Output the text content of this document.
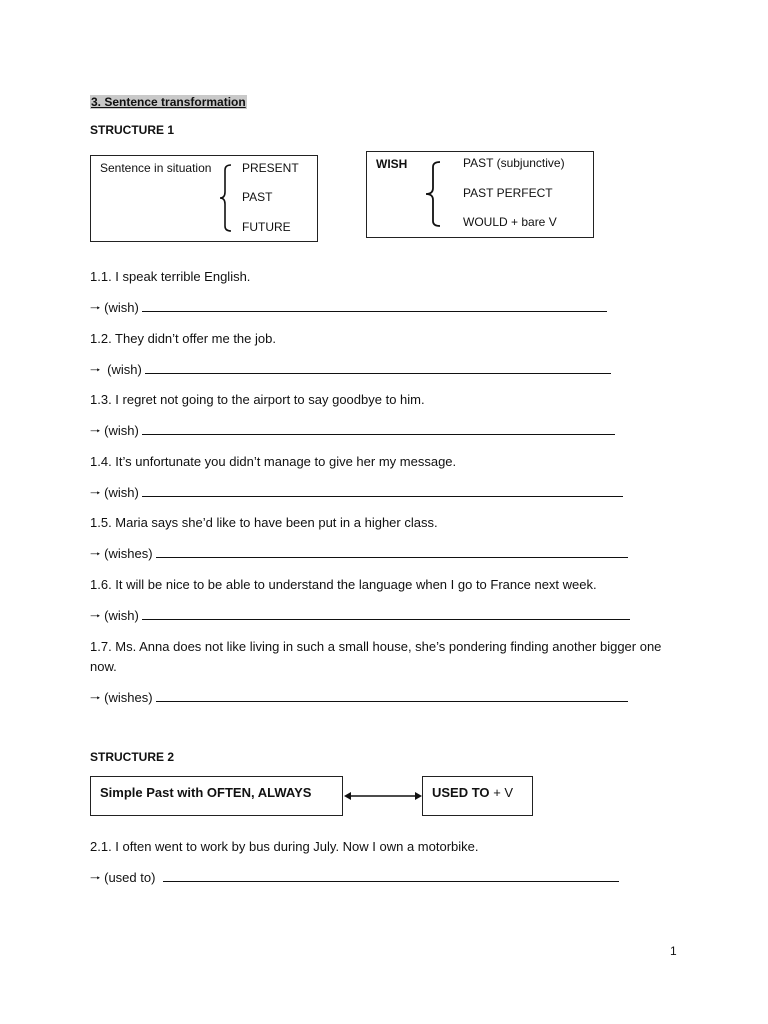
3. Sentence transformation
STRUCTURE 1
Sentence in situation	PRESENT
PAST
FUTURE
WISH	PAST (subjunctive)
PAST PERFECT
WOULD + bare V
1.1. I speak terrible English.
🠒 (wish)
1.2. They didn’t offer me the job.
🠒 (wish)
1.3. I regret not going to the airport to say goodbye to him.
🠒 (wish)
1.4. It’s unfortunate you didn’t manage to give her my message.
🠒 (wish)
1.5. Maria says she’d like to have been put in a higher class.
🠒 (wishes)
1.6. It will be nice to be able to understand the language when I go to France next week.
🠒 (wish)
1.7. Ms. Anna does not like living in such a small house, she’s pondering finding another bigger one now.
🠒 (wishes)
STRUCTURE 2
Simple Past with OFTEN, ALWAYS	USED TO + V
2.1. I often went to work by bus during July. Now I own a motorbike.
🠒 (used to)
1
